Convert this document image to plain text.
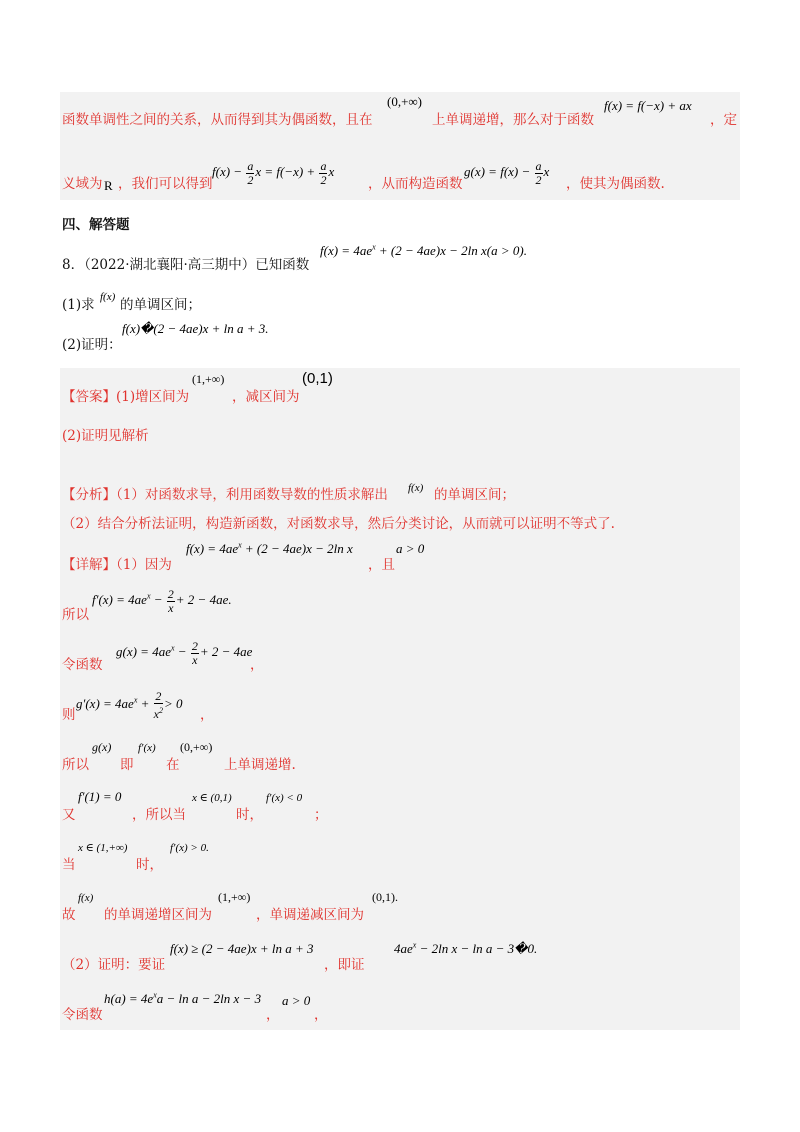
函数单调性之间的关系，从而得到其为偶函数，且在
(0,+∞)
上单调递增，那么对于函数
f(x) = f(−x) + ax
，定
义域为 R ，我们可以得到
$f(x) - \frac{a}{2}$ $x = f(-x) + \frac{a}{2}$ x
，从而构造函数
$g(x) = f(x) - \frac{a}{2}$ x
，使其为偶函数.
四、解答题
8．（2022·湖北襄阳·高三期中）已知函数
$f(x) = 4ae^x + (2 - 4ae)x - 2\ln$ x(a > 0).
(1)求 f(x) 的单调区间；
(2)证明：
f(x)�(2 − 4ae)x + ln a + 3.
【答案】(1)增区间为
(1,+∞)
，减区间为
(0,1)
(2)证明见解析
【分析】（1）对函数求导，利用函数导数的性质求解出 f(x) 的单调区间；
（2）结合分析法证明，构造新函数，对函数求导，然后分类讨论，从而就可以证明不等式了.
【详解】（1）因为
$f(x) = 4ae^x + (2 - 4ae)x - 2\ln$ x
，且
a > 0
所以
$f'(x) = 4ae^x - \frac{2}{x} + 2 - 4ae$.
令函数
$g(x) = 4ae^x - \frac{2}{x} + 2 - 4ae$
，
则
$g'(x) = 4ae^x + \frac{2}{x^2} > 0$
，
所以
g(x)
即
f′(x)
在
(0,+∞)
上单调递增.
又
f′(1) = 0
，所以当
x ∈ (0,1)
时，
f′(x) < 0
；
当
x ∈ (1,+∞)
时，
f′(x) > 0.
故
f(x)
的单调递增区间为
(1,+∞)
，单调递减区间为
(0,1).
（2）证明：要证
f(x) ≥ (2 − 4ae)x + ln a + 3
，即证
$4ae^x - 2\ln$ x − ln a − 3�0.
令函数
$h(a) = 4e^xa - \ln a - 2\ln$ x − 3
，
a > 0
，
